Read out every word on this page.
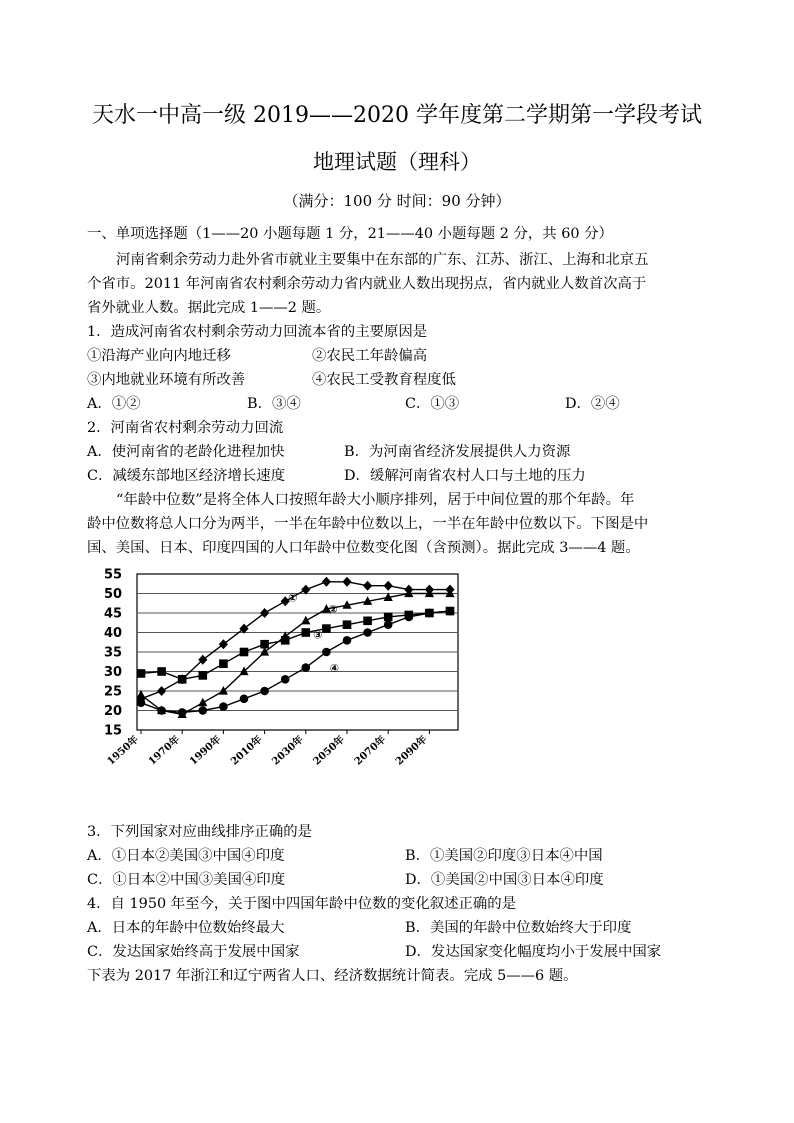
天水一中高一级 2019——2020 学年度第二学期第一学段考试
地理试题（理科）
（满分：100 分 时间：90 分钟）
一、单项选择题（1——20 小题每题 1 分，21——40 小题每题 2 分，共 60 分）
河南省剩余劳动力赴外省市就业主要集中在东部的广东、江苏、浙江、上海和北京五
个省市。2011 年河南省农村剩余劳动力省内就业人数出现拐点，省内就业人数首次高于
省外就业人数。据此完成 1——2 题。
1．造成河南省农村剩余劳动力回流本省的主要原因是
①沿海产业向内地迁移	②农民工年龄偏高
③内地就业环境有所改善	④农民工受教育程度低
A．①②	B．③④	C．①③	D．②④
2．河南省农村剩余劳动力回流
A．使河南省的老龄化进程加快	B．为河南省经济发展提供人力资源
C．减缓东部地区经济增长速度	D．缓解河南省农村人口与土地的压力
“年龄中位数”是将全体人口按照年龄大小顺序排列，居于中间位置的那个年龄。年
龄中位数将总人口分为两半，一半在年龄中位数以上，一半在年龄中位数以下。下图是中
国、美国、日本、印度四国的人口年龄中位数变化图（含预测）。据此完成 3——4 题。
55
50
45
40
35
30
25
20
15
1950年 1970年 1990年 2010年 2030年 2050年 2070年 2090年
①
②
③
④
3．下列国家对应曲线排序正确的是
A．①日本②美国③中国④印度	B．①美国②印度③日本④中国
C．①日本②中国③美国④印度	D．①美国②中国③日本④印度
4．自 1950 年至今，关于图中四国年龄中位数的变化叙述正确的是
A．日本的年龄中位数始终最大	B．美国的年龄中位数始终大于印度
C．发达国家始终高于发展中国家	D．发达国家变化幅度均小于发展中国家
下表为 2017 年浙江和辽宁两省人口、经济数据统计简表。完成 5——6 题。
